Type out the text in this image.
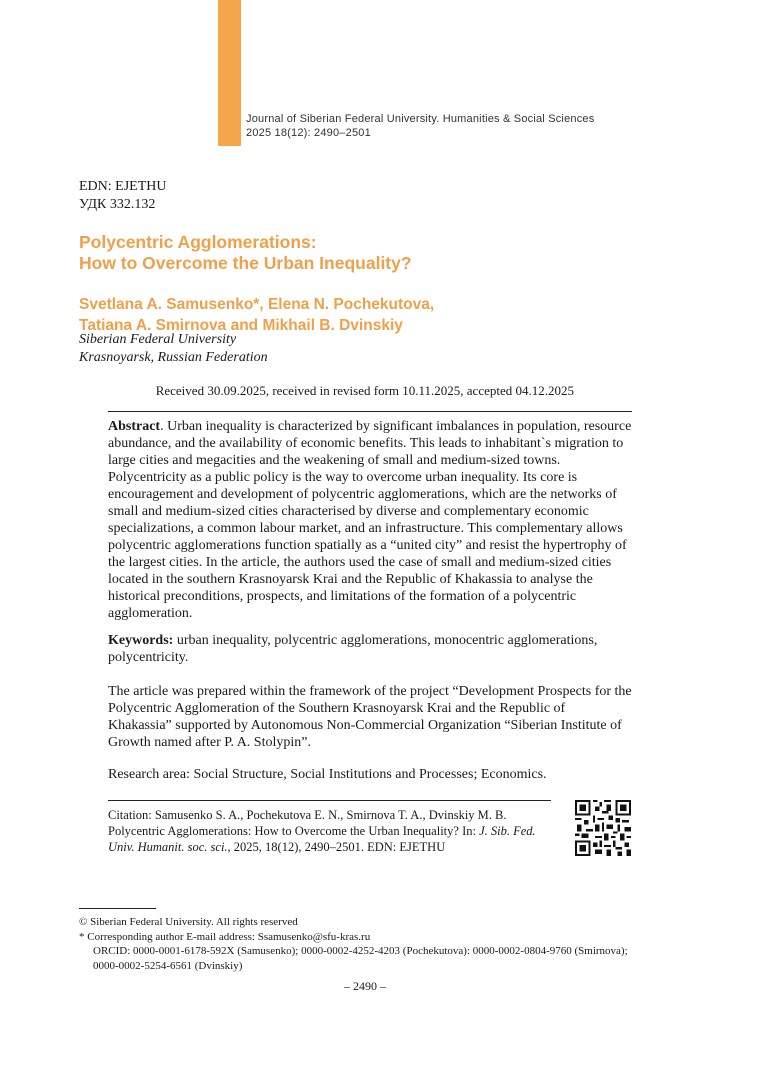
Journal of Siberian Federal University. Humanities & Social Sciences
2025 18(12): 2490–2501
EDN: EJETHU
УДК 332.132
Polycentric Agglomerations:
How to Overcome the Urban Inequality?
Svetlana A. Samusenko*, Elena N. Pochekutova,
Tatiana A. Smirnova and Mikhail B. Dvinskiy
Siberian Federal University
Krasnoyarsk, Russian Federation
Received 30.09.2025, received in revised form 10.11.2025, accepted 04.12.2025

Abstract. Urban inequality is characterized by significant imbalances in population, resource abundance, and the availability of economic benefits. This leads to inhabitant`s migration to large cities and megacities and the weakening of small and medium-sized towns. Polycentricity as a public policy is the way to overcome urban inequality. Its core is encouragement and development of polycentric agglomerations, which are the networks of small and medium-sized cities characterised by diverse and complementary economic specializations, a common labour market, and an infrastructure. This complementary allows polycentric agglomerations function spatially as a “united city” and resist the hypertrophy of the largest cities. In the article, the authors used the case of small and medium-sized cities located in the southern Krasnoyarsk Krai and the Republic of Khakassia to analyse the historical preconditions, prospects, and limitations of the formation of a polycentric agglomeration.

Keywords: urban inequality, polycentric agglomerations, monocentric agglomerations, polycentricity.

The article was prepared within the framework of the project “Development Prospects for the Polycentric Agglomeration of the Southern Krasnoyarsk Krai and the Republic of Khakassia” supported by Autonomous Non-Commercial Organization “Siberian Institute of Growth named after P. A. Stolypin”.

Research area: Social Structure, Social Institutions and Processes; Economics.

Citation: Samusenko S. A., Pochekutova E. N., Smirnova T. A., Dvinskiy M. B. Polycentric Agglomerations: How to Overcome the Urban Inequality? In: J. Sib. Fed. Univ. Humanit. soc. sci., 2025, 18(12), 2490–2501. EDN: EJETHU

© Siberian Federal University. All rights reserved

* Corresponding author E-mail address: Ssamusenko@sfu-kras.ru

ORCID: 0000-0001-6178-592X (Samusenko); 0000-0002-4252-4203 (Pochekutova): 0000-0002-0804-9760 (Smirnova); 0000-0002-5254-6561 (Dvinskiy)

– 2490 –
